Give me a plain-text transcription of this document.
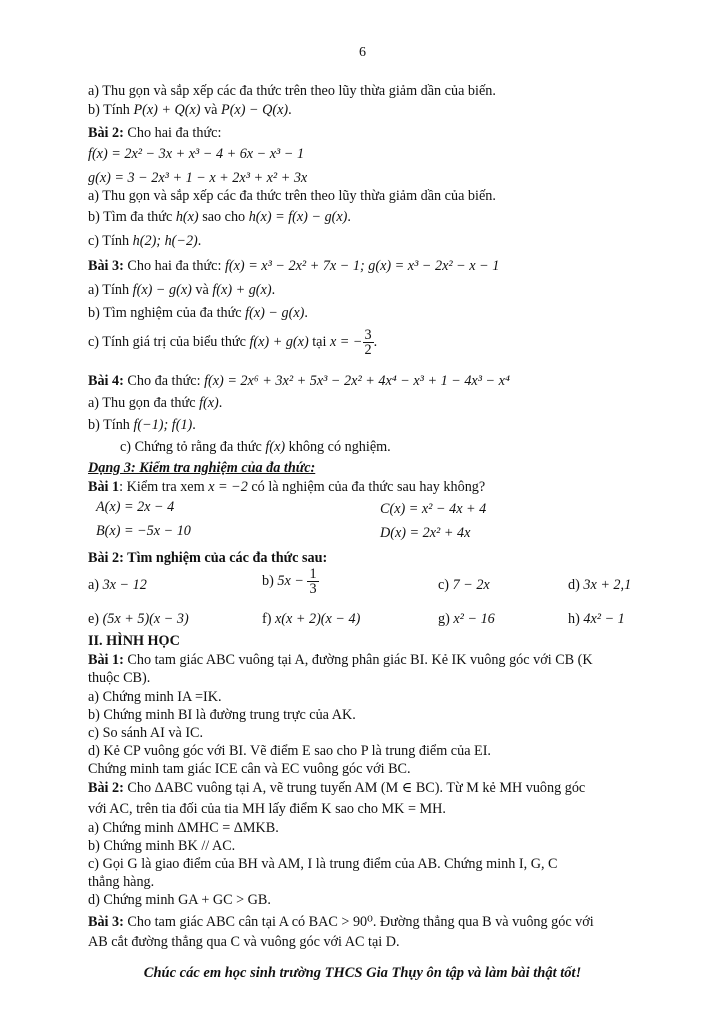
6
a) Thu gọn và sắp xếp các đa thức trên theo lũy thừa giảm dần của biến.
b) Tính P(x) + Q(x) và P(x) − Q(x).
Bài 2: Cho hai đa thức:
f(x) = 2x² − 3x + x³ − 4 + 6x − x³ − 1
g(x) = 3 − 2x³ + 1 − x + 2x³ + x² + 3x
a) Thu gọn và sắp xếp các đa thức trên theo lũy thừa giảm dần của biến.
b) Tìm đa thức h(x) sao cho h(x) = f(x) − g(x).
c) Tính h(2); h(−2).
Bài 3: Cho hai đa thức: f(x) = x³ − 2x² + 7x − 1; g(x) = x³ − 2x² − x − 1
a) Tính f(x) − g(x) và f(x) + g(x).
b) Tìm nghiệm của đa thức f(x) − g(x).
c) Tính giá trị của biểu thức f(x) + g(x) tại x = − $\frac{3}{2}$ .
Bài 4: Cho đa thức: f(x) = 2x⁶ + 3x² + 5x³ − 2x² + 4x⁴ − x³ + 1 − 4x³ − x⁴
a) Thu gọn đa thức f(x).
b) Tính f(−1); f(1).
c) Chứng tỏ rằng đa thức f(x) không có nghiệm.
Dạng 3: Kiểm tra nghiệm của đa thức:
Bài 1: Kiểm tra xem x = −2 có là nghiệm của đa thức sau hay không?
A(x) = 2x − 4	C(x) = x² − 4x + 4
B(x) = −5x − 10	D(x) = 2x² + 4x
Bài 2: Tìm nghiệm của các đa thức sau:
a) 3x − 12	b) $5x - \frac{1}{3}$	c) 7 − 2x	d) 3x + 2,1
e) (5x + 5)(x − 3)	f) x(x + 2)(x − 4)	g) x² − 16	h) 4x² − 1
II. HÌNH HỌC
Bài 1: Cho tam giác ABC vuông tại A, đường phân giác BI. Kẻ IK vuông góc với CB (K
thuộc CB).
a) Chứng minh IA =IK.
b) Chứng minh BI là đường trung trực của AK.
c) So sánh AI và IC.
d) Kẻ CP vuông góc với BI. Vẽ điểm E sao cho P là trung điểm của EI.
Chứng minh tam giác ICE cân và EC vuông góc với BC.
Bài 2: Cho ΔABC vuông tại A, vẽ trung tuyến AM (M ∈ BC). Từ M kẻ MH vuông góc
với AC, trên tia đối của tia MH lấy điểm K sao cho MK = MH.
a) Chứng minh ΔMHC = ΔMKB.
b) Chứng minh BK // AC.
c) Gọi G là giao điểm của BH và AM, I là trung điểm của AB. Chứng minh I, G, C
thẳng hàng.
d) Chứng minh GA + GC > GB.
Bài 3: Cho tam giác ABC cân tại A có BAC > 90⁰. Đường thẳng qua B và vuông góc với
AB cắt đường thẳng qua C và vuông góc với AC tại D.
Chúc các em học sinh trường THCS Gia Thụy ôn tập và làm bài thật tốt!
